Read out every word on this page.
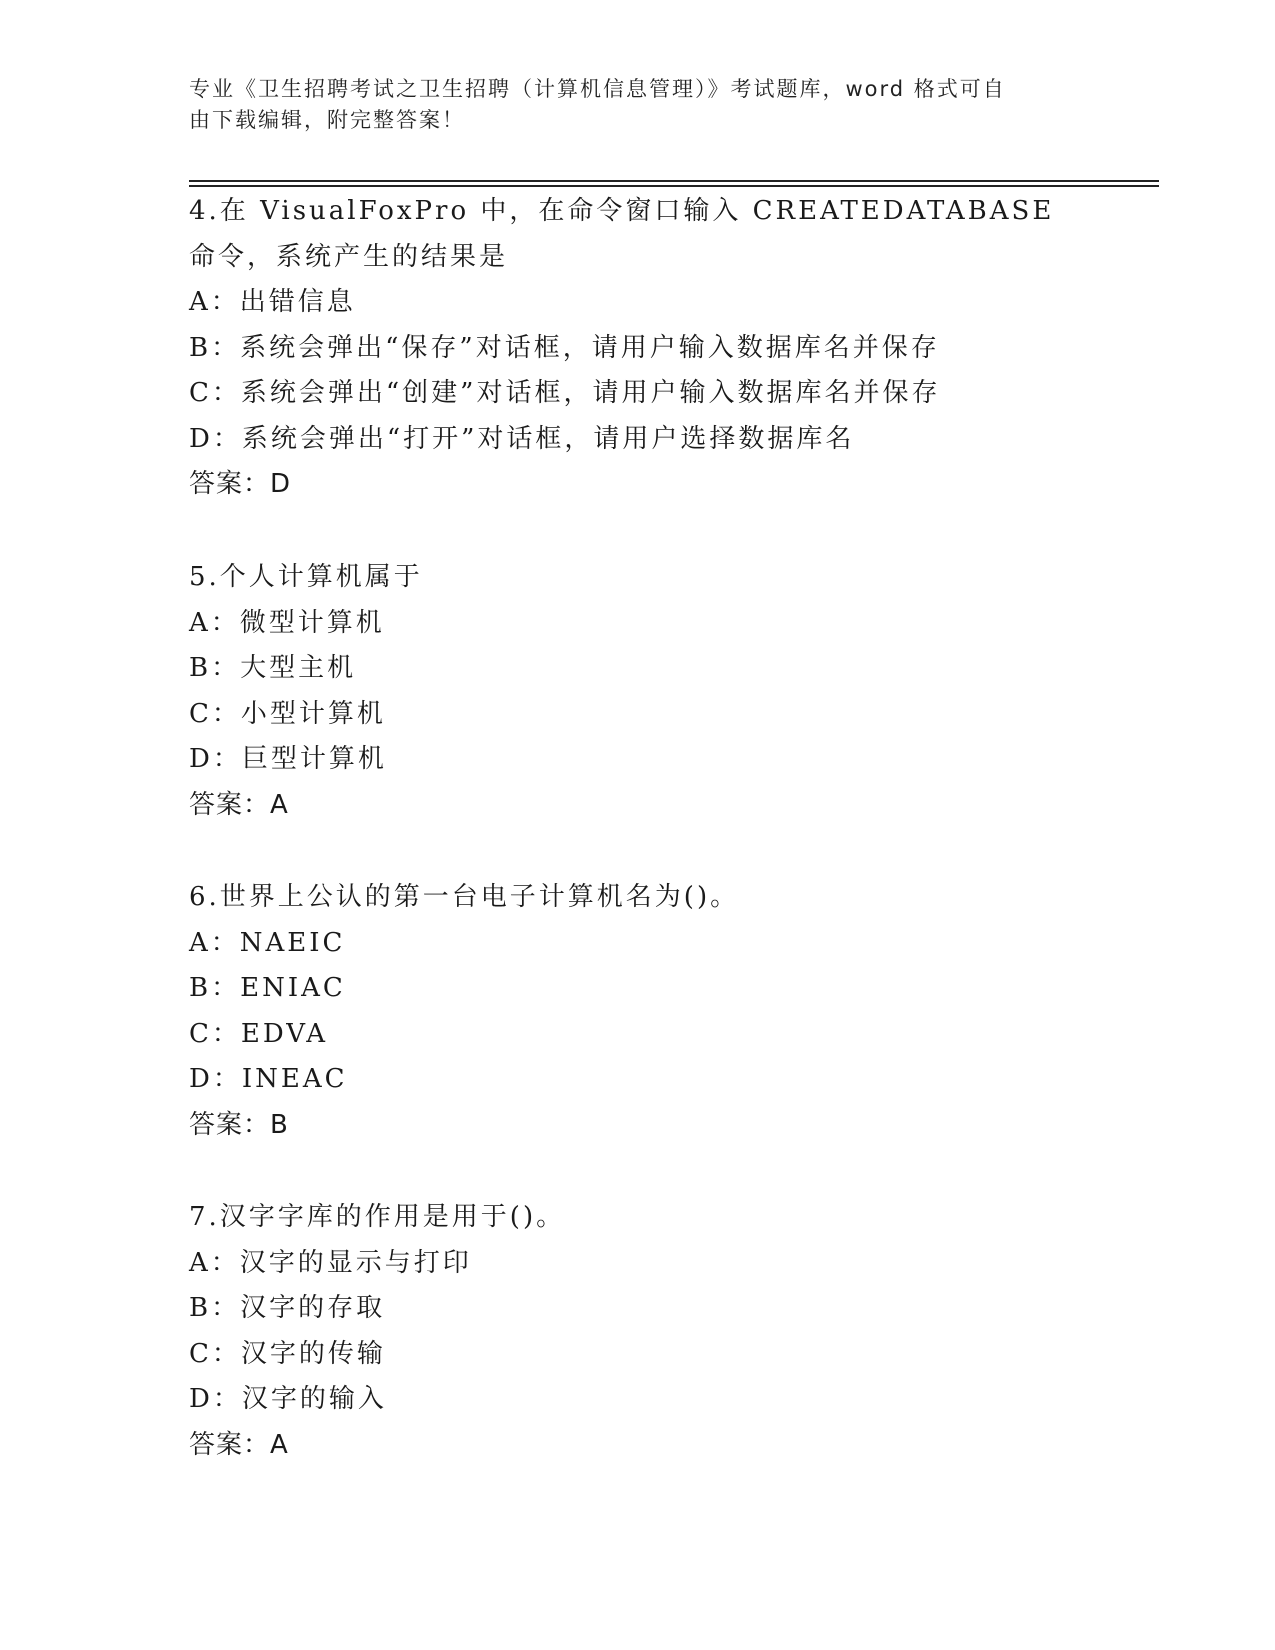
专业《卫生招聘考试之卫生招聘（计算机信息管理）》考试题库，word 格式可自
由下载编辑，附完整答案！
4.在 VisualFoxPro 中，在命令窗口输入 CREATEDATABASE 命令，系统产生的结果是
A：出错信息
B：系统会弹出“保存”对话框，请用户输入数据库名并保存
C：系统会弹出“创建”对话框，请用户输入数据库名并保存
D：系统会弹出“打开”对话框，请用户选择数据库名
答案：D
5.个人计算机属于
A：微型计算机
B：大型主机
C：小型计算机
D：巨型计算机
答案：A
6.世界上公认的第一台电子计算机名为()。
A：NAEIC
B：ENIAC
C：EDVA
D：INEAC
答案：B
7.汉字字库的作用是用于()。
A：汉字的显示与打印
B：汉字的存取
C：汉字的传输
D：汉字的输入
答案：A
